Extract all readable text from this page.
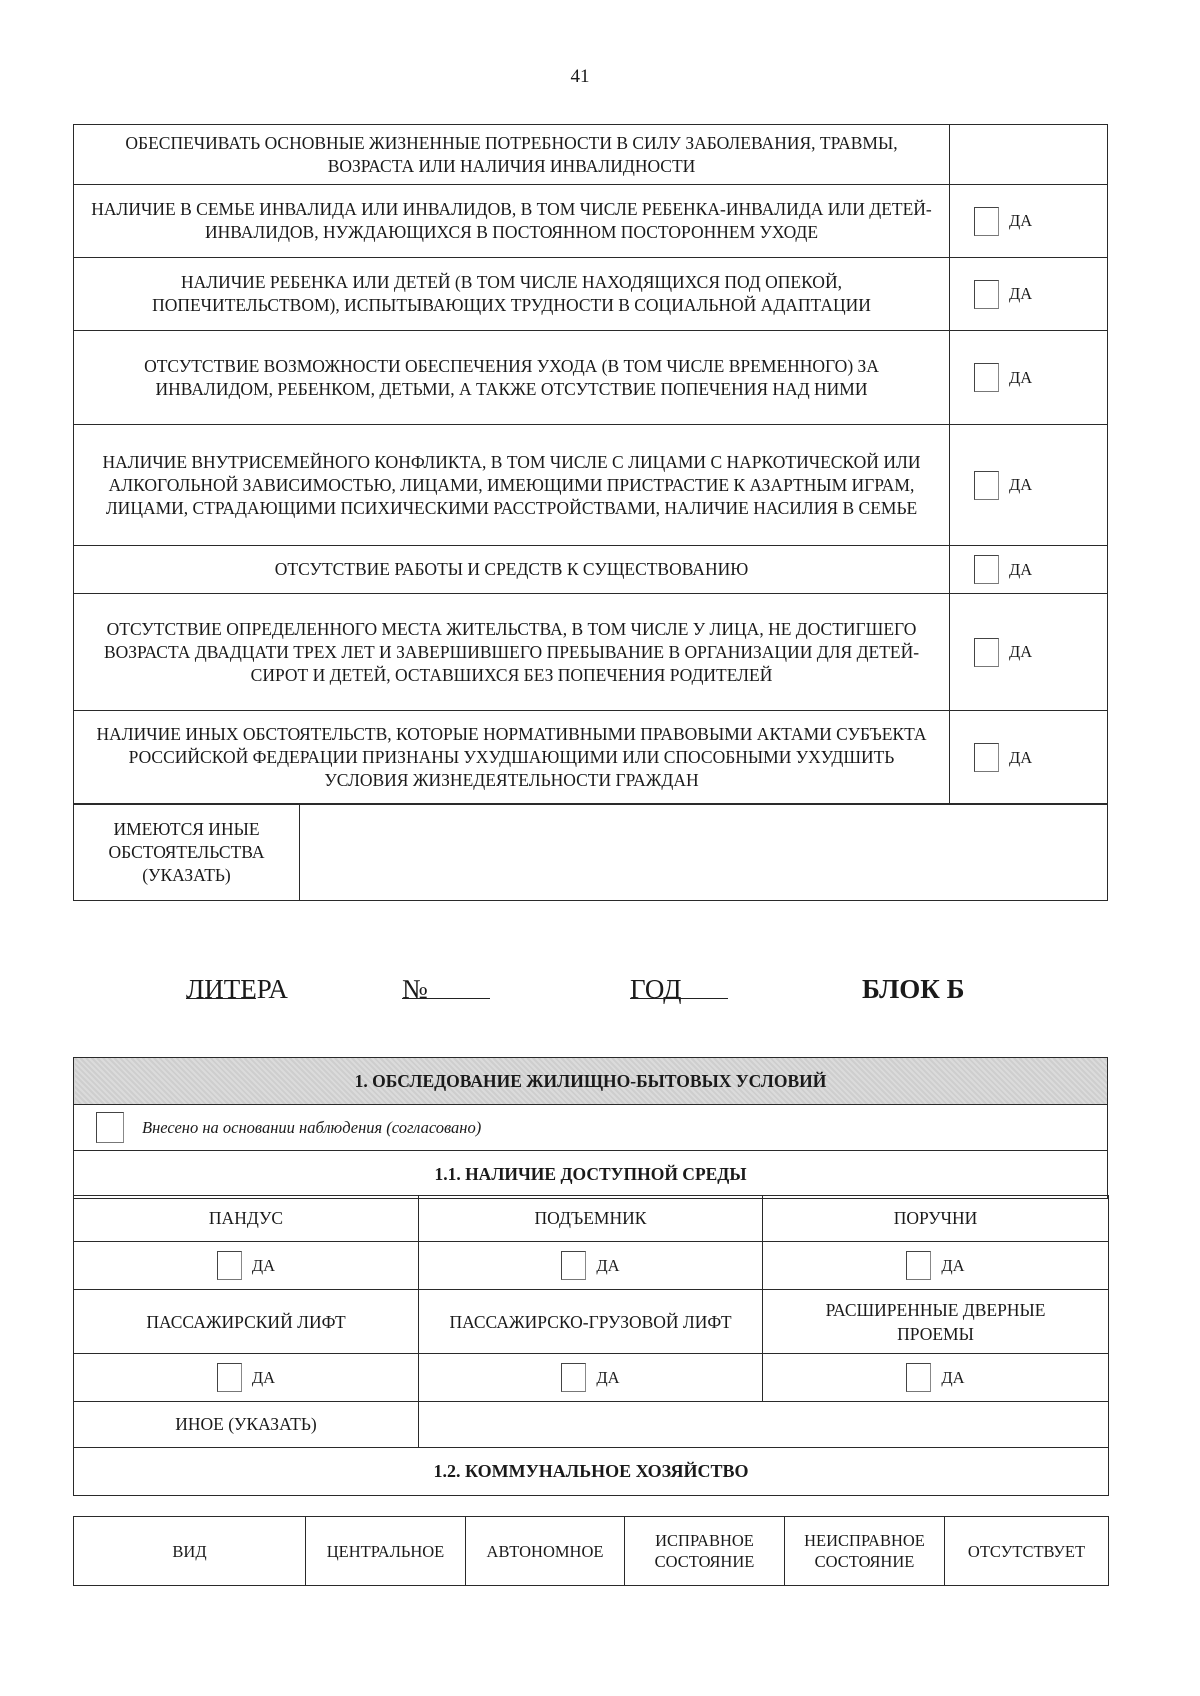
41
ОБЕСПЕЧИВАТЬ ОСНОВНЫЕ ЖИЗНЕННЫЕ ПОТРЕБНОСТИ В СИЛУ ЗАБОЛЕВАНИЯ, ТРАВМЫ, ВОЗРАСТА ИЛИ НАЛИЧИЯ ИНВАЛИДНОСТИ	
НАЛИЧИЕ В СЕМЬЕ ИНВАЛИДА ИЛИ ИНВАЛИДОВ, В ТОМ ЧИСЛЕ РЕБЕНКА-ИНВАЛИДА ИЛИ ДЕТЕЙ-ИНВАЛИДОВ, НУЖДАЮЩИХСЯ В ПОСТОЯННОМ ПОСТОРОННЕМ УХОДЕ	ДА

НАЛИЧИЕ РЕБЕНКА ИЛИ ДЕТЕЙ (В ТОМ ЧИСЛЕ НАХОДЯЩИХСЯ ПОД ОПЕКОЙ, ПОПЕЧИТЕЛЬСТВОМ), ИСПЫТЫВАЮЩИХ ТРУДНОСТИ В СОЦИАЛЬНОЙ АДАПТАЦИИ	ДА

ОТСУТСТВИЕ ВОЗМОЖНОСТИ ОБЕСПЕЧЕНИЯ УХОДА (В ТОМ ЧИСЛЕ ВРЕМЕННОГО) ЗА ИНВАЛИДОМ, РЕБЕНКОМ, ДЕТЬМИ, А ТАКЖЕ ОТСУТСТВИЕ ПОПЕЧЕНИЯ НАД НИМИ	ДА

НАЛИЧИЕ ВНУТРИСЕМЕЙНОГО КОНФЛИКТА, В ТОМ ЧИСЛЕ С ЛИЦАМИ С НАРКОТИЧЕСКОЙ ИЛИ АЛКОГОЛЬНОЙ ЗАВИСИМОСТЬЮ, ЛИЦАМИ, ИМЕЮЩИМИ ПРИСТРАСТИЕ К АЗАРТНЫМ ИГРАМ, ЛИЦАМИ, СТРАДАЮЩИМИ ПСИХИЧЕСКИМИ РАССТРОЙСТВАМИ, НАЛИЧИЕ НАСИЛИЯ В СЕМЬЕ	ДА

ОТСУТСТВИЕ РАБОТЫ И СРЕДСТВ К СУЩЕСТВОВАНИЮ	ДА

ОТСУТСТВИЕ ОПРЕДЕЛЕННОГО МЕСТА ЖИТЕЛЬСТВА, В ТОМ ЧИСЛЕ У ЛИЦА, НЕ ДОСТИГШЕГО ВОЗРАСТА ДВАДЦАТИ ТРЕХ ЛЕТ И ЗАВЕРШИВШЕГО ПРЕБЫВАНИЕ В ОРГАНИЗАЦИИ ДЛЯ ДЕТЕЙ-СИРОТ И ДЕТЕЙ, ОСТАВШИХСЯ БЕЗ ПОПЕЧЕНИЯ РОДИТЕЛЕЙ	ДА

НАЛИЧИЕ ИНЫХ ОБСТОЯТЕЛЬСТВ, КОТОРЫЕ НОРМАТИВНЫМИ ПРАВОВЫМИ АКТАМИ СУБЪЕКТА РОССИЙСКОЙ ФЕДЕРАЦИИ ПРИЗНАНЫ УХУДШАЮЩИМИ ИЛИ СПОСОБНЫМИ УХУДШИТЬ УСЛОВИЯ ЖИЗНЕДЕЯТЕЛЬНОСТИ ГРАЖДАН	ДА
ИМЕЮТСЯ ИНЫЕ ОБСТОЯТЕЛЬСТВА (УКАЗАТЬ)	
ЛИТЕРА	№	ГОД	БЛОК Б
1. ОБСЛЕДОВАНИЕ ЖИЛИЩНО-БЫТОВЫХ УСЛОВИЙ

Внесено на основании наблюдения (согласовано)

1.1. НАЛИЧИЕ ДОСТУПНОЙ СРЕДЫ
ПАНДУС	ПОДЪЕМНИК	ПОРУЧНИ

ДА	ДА	ДА

ПАССАЖИРСКИЙ ЛИФТ	ПАССАЖИРСКО-ГРУЗОВОЙ ЛИФТ	РАСШИРЕННЫЕ ДВЕРНЫЕ ПРОЕМЫ

ДА	ДА	ДА

ИНОЕ (УКАЗАТЬ)		
1.2. КОММУНАЛЬНОЕ ХОЗЯЙСТВО		
ВИД	ЦЕНТРАЛЬНОЕ	АВТОНОМНОЕ	ИСПРАВНОЕ СОСТОЯНИЕ	НЕИСПРАВНОЕ СОСТОЯНИЕ	ОТСУТСТВУЕТ
